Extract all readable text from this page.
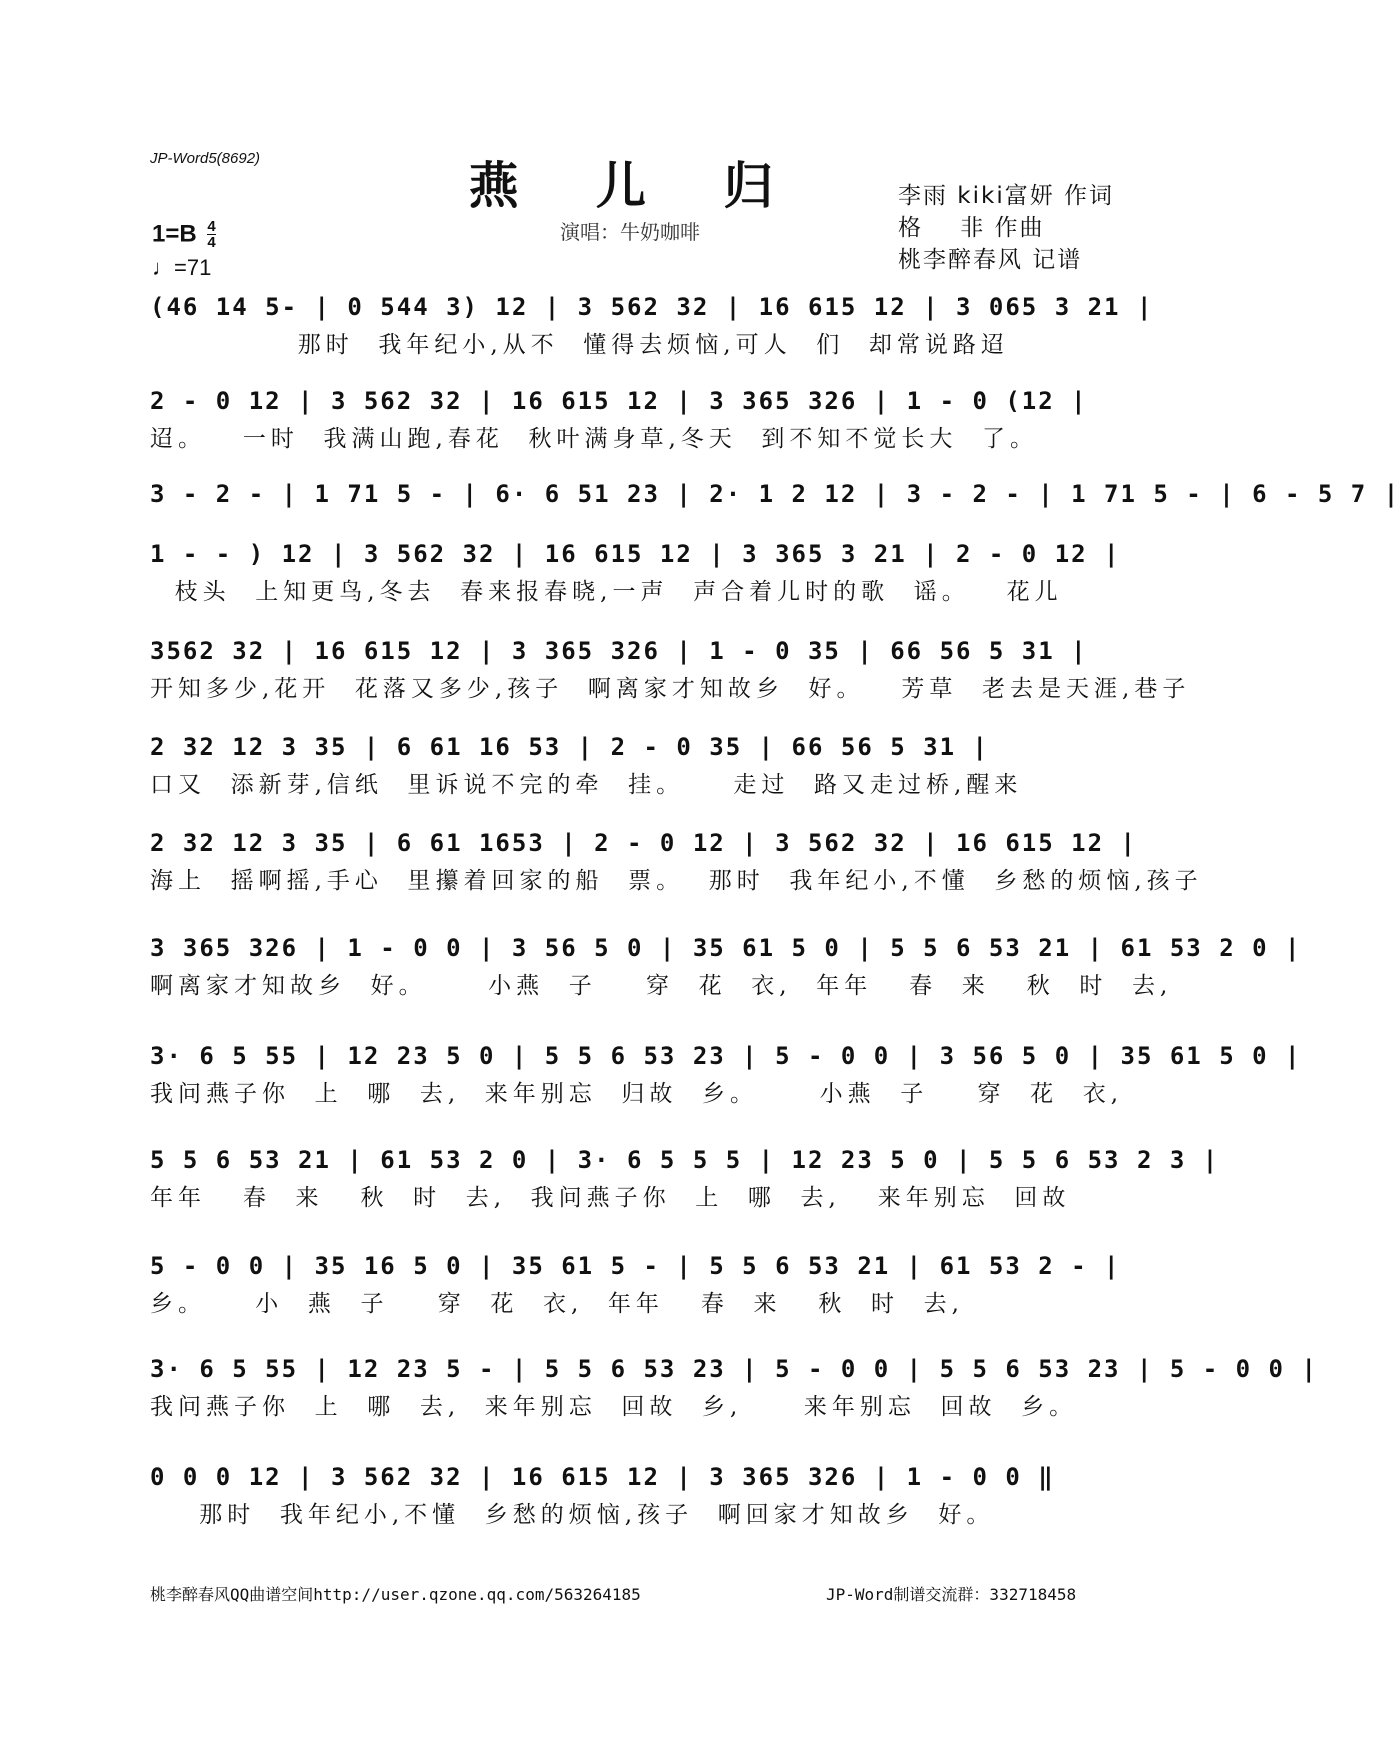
JP-Word5(8692)	燕 儿 归
演唱：牛奶咖啡
李雨 kiki富妍 作词
格    非 作曲
桃李醉春风 记谱
$1=B \frac{4}{4}$
♩=71
(46 14 5- | 0 544 3) 12 | 3 562 32 | 16 615 12 | 3 065 3 21 |
那时  我年纪小,从不  懂得去烦恼,可人  们  却常说路迢
2 - 0 12 | 3 562 32 | 16 615 12 | 3 365 326 | 1 - 0 (12 |
迢。   一时  我满山跑,春花  秋叶满身草,冬天  到不知不觉长大  了。
3 - 2 - | 1 71 5 - | 6· 6 51 23 | 2· 1 2 12 | 3 - 2 - | 1 71 5 - | 6 - 5 7 |
1 - - ) 12 | 3 562 32 | 16 615 12 | 3 365 3 21 | 2 - 0 12 |
枝头  上知更鸟,冬去  春来报春晓,一声  声合着儿时的歌  谣。   花儿
3562 32 | 16 615 12 | 3 365 326 | 1 - 0 35 | 66 56 5 31 |
开知多少,花开  花落又多少,孩子  啊离家才知故乡  好。   芳草  老去是天涯,巷子
2 32 12 3 35 | 6 61 16 53 | 2 - 0 35 | 66 56 5 31 |
口又  添新芽,信纸  里诉说不完的牵  挂。    走过  路又走过桥,醒来
2 32 12 3 35 | 6 61 1653 | 2 - 0 12 | 3 562 32 | 16 615 12 |
海上  摇啊摇,手心  里攥着回家的船  票。  那时  我年纪小,不懂  乡愁的烦恼,孩子
3 365 326 | 1 - 0 0 | 3 56 5 0 | 35 61 5 0 | 5 5 6 53 21 | 61 53 2 0 |
啊离家才知故乡  好。     小燕  子    穿  花  衣,  年年   春  来   秋  时  去,
3· 6 5 55 | 12 23 5 0 | 5 5 6 53 23 | 5 - 0 0 | 3 56 5 0 | 35 61 5 0 |
我问燕子你  上  哪  去,  来年别忘  归故  乡。     小燕  子    穿  花  衣,
5 5 6 53 21 | 61 53 2 0 | 3· 6 5 5 5 | 12 23 5 0 | 5 5 6 53 2 3 |
年年   春  来   秋  时  去,  我问燕子你  上  哪  去,   来年别忘  回故
5 - 0 0 | 35 16 5 0 | 35 61 5 - | 5 5 6 53 21 | 61 53 2 - |
乡。    小  燕  子    穿  花  衣,  年年   春  来   秋  时  去,
3· 6 5 55 | 12 23 5 - | 5 5 6 53 23 | 5 - 0 0 | 5 5 6 53 23 | 5 - 0 0 |
我问燕子你  上  哪  去,  来年别忘  回故  乡,     来年别忘  回故  乡。
0 0 0 12 | 3 562 32 | 16 615 12 | 3 365 326 | 1 - 0 0 ‖
那时  我年纪小,不懂  乡愁的烦恼,孩子  啊回家才知故乡  好。
桃李醉春风QQ曲谱空间http://user.qzone.qq.com/563264185	JP-Word制谱交流群：332718458
